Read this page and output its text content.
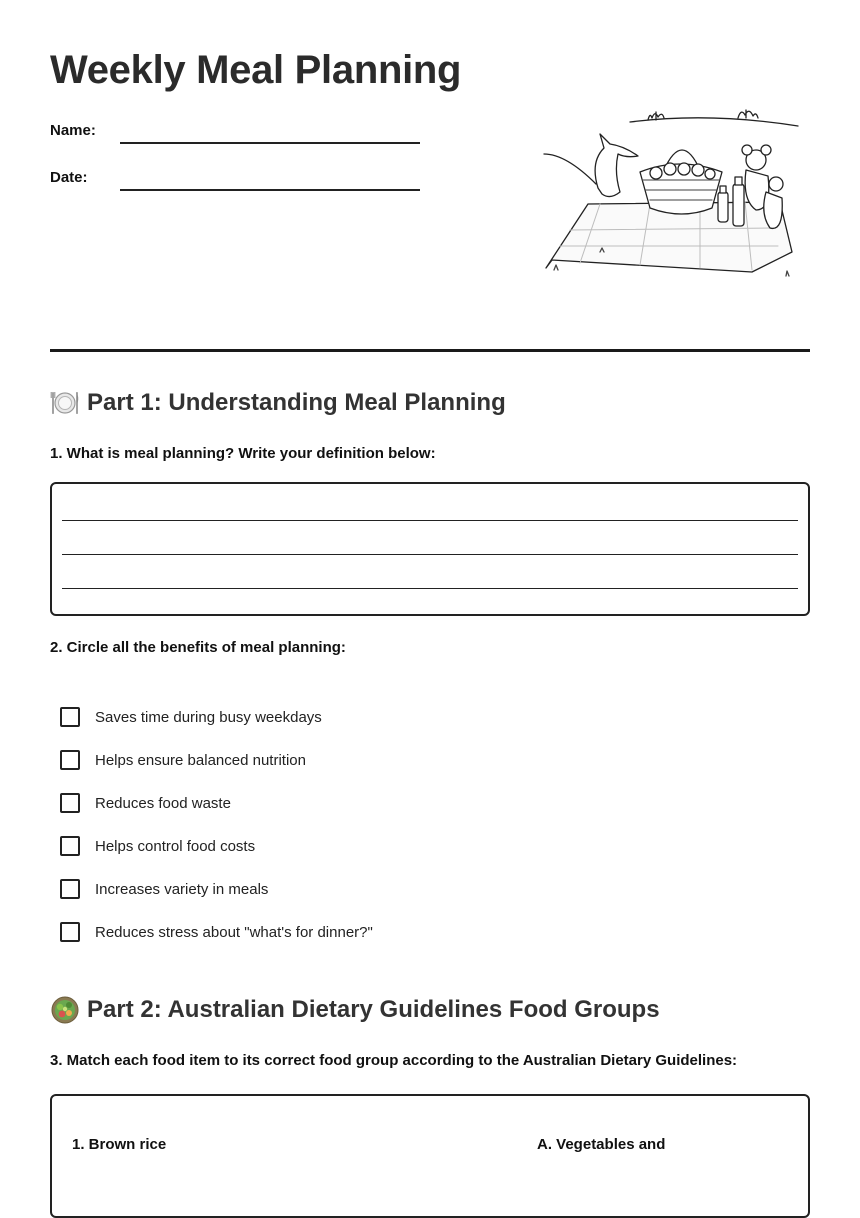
Weekly Meal Planning
Name:
Date:
Part 1: Understanding Meal Planning

1. What is meal planning? Write your definition below:

2. Circle all the benefits of meal planning:

Saves time during busy weekdays
Helps ensure balanced nutrition
Reduces food waste
Helps control food costs
Increases variety in meals
Reduces stress about "what's for dinner?"
Part 2: Australian Dietary Guidelines Food Groups

3. Match each food item to its correct food group according to the Australian Dietary Guidelines:

1. Brown rice	A. Vegetables and
